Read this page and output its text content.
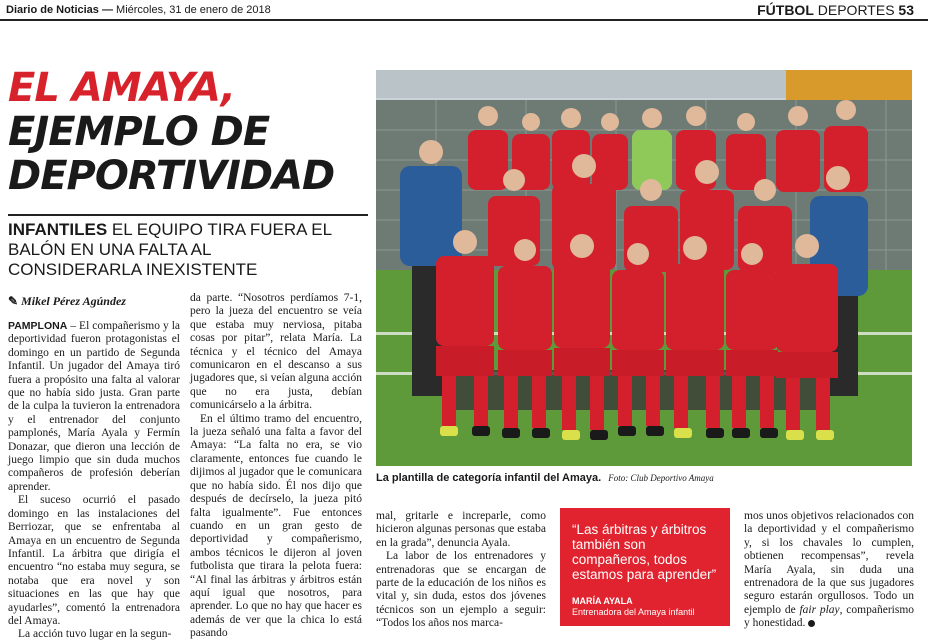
Diario de Noticias — Miércoles, 31 de enero de 2018	FÚTBOL DEPORTES 53
EL AMAYA,
EJEMPLO DE
DEPORTIVIDAD
INFANTILES EL EQUIPO TIRA FUERA EL BALÓN EN UNA FALTA AL CONSIDERARLA INEXISTENTE
✎ Mikel Pérez Agúndez

PAMPLONA – El compañerismo y la deportividad fueron protagonistas el domingo en un partido de Segunda Infantil. Un jugador del Amaya tiró fuera a propósito una falta al valorar que no había sido justa. Gran parte de la culpa la tuvieron la entrenadora y el entrenador del conjunto pamplonés, María Ayala y Fermín Donazar, que dieron una lección de juego limpio que sin duda muchos compañeros de profesión deberían aprender.

El suceso ocurrió el pasado domingo en las instalaciones del Berriozar, que se enfrentaba al Amaya en un encuentro de Segunda Infantil. La árbitra que dirigía el encuentro “no estaba muy segura, se notaba que era novel y son situaciones en las que hay que ayudarles”, comentó la entrenadora del Amaya.

La acción tuvo lugar en la segun-

da parte. “Nosotros perdíamos 7-1, pero la jueza del encuentro se veía que estaba muy nerviosa, pitaba cosas por pitar”, relata María. La técnica y el técnico del Amaya comunicaron en el descanso a sus jugadores que, si veían alguna acción que no era justa, debían comunicárselo a la árbitra.

En el último tramo del encuentro, la jueza señaló una falta a favor del Amaya: “La falta no era, se vio claramente, entonces fue cuando le dijimos al jugador que le comunicara que no había sido. Él nos dijo que después de decírselo, la jueza pitó falta igualmente”. Fue entonces cuando en un gran gesto de deportividad y compañerismo, ambos técnicos le dijeron al joven futbolista que tirara la pelota fuera: “Al final las árbitras y árbitros están aquí igual que nosotros, para aprender. Lo que no hay que hacer es además de ver que la chica lo está pasando

La plantilla de categoría infantil del Amaya. Foto: Club Deportivo Amaya

mal, gritarle e increparle, como hicieron algunas personas que estaba en la grada”, denuncia Ayala.

La labor de los entrenadores y entrenadoras que se encargan de parte de la educación de los niños es vital y, sin duda, estos dos jóvenes técnicos son un ejemplo a seguir: “Todos los años nos marca-

“Las árbitras y árbitros también son compañeros, todos estamos para aprender”
MARÍA AYALA
Entrenadora del Amaya infantil

mos unos objetivos relacionados con la deportividad y el compañerismo y, si los chavales lo cumplen, obtienen recompensas”, revela María Ayala, sin duda una entrenadora de la que sus jugadores seguro estarán orgullosos. Todo un ejemplo de fair play, compañerismo y honestidad.
